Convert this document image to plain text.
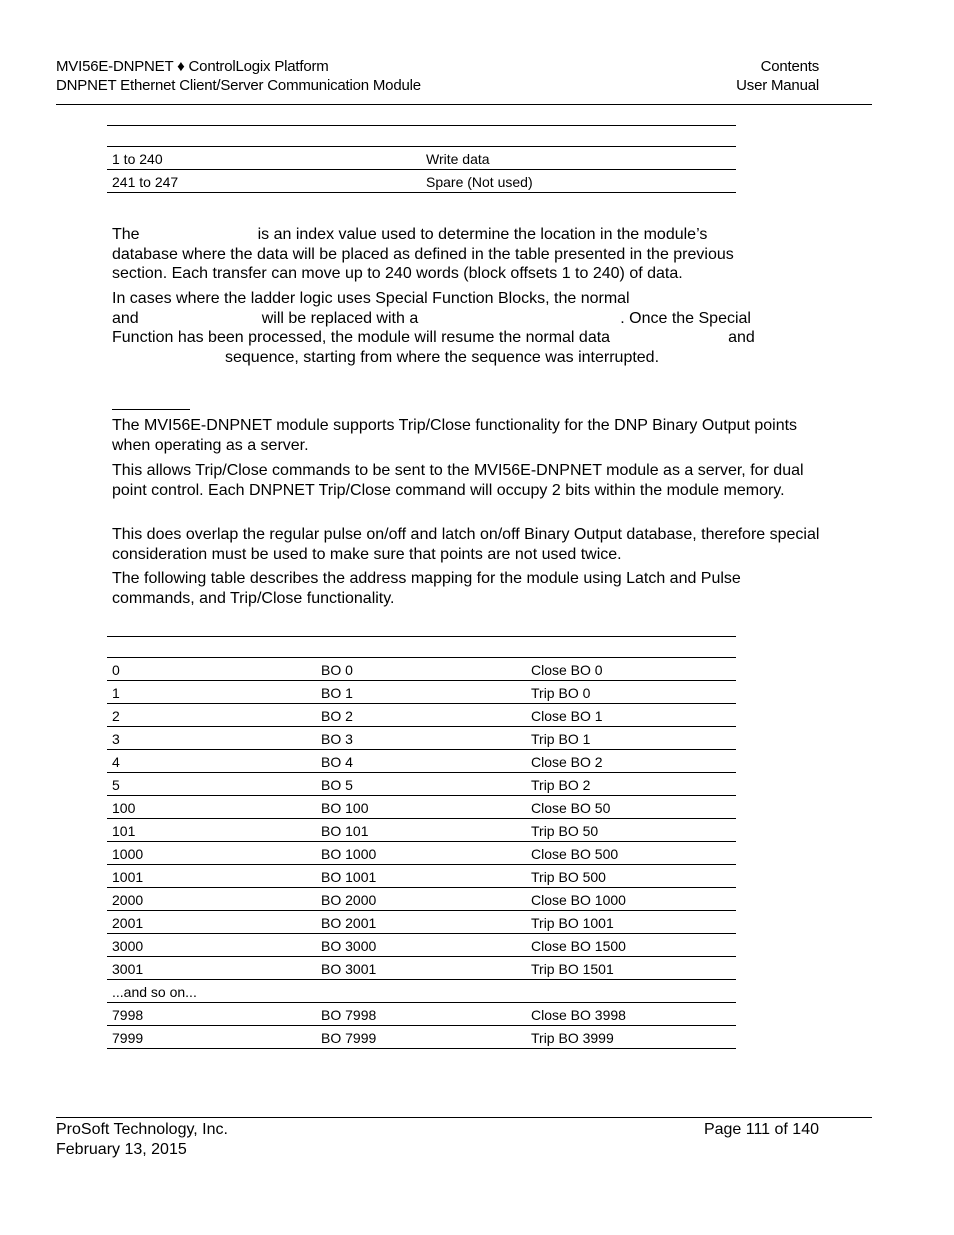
MVI56E-DNPNET ♦ ControlLogix Platform
DNPNET Ethernet Client/Server Communication Module
Contents
User Manual

1 to 240	Write data
241 to 247	Spare (Not used)
The	is an index value used to determine the location in the module’s
database where the data will be placed as defined in the table presented in the previous
section. Each transfer can move up to 240 words (block offsets 1 to 240) of data.
In cases where the ladder logic uses Special Function Blocks, the normal
and	will be replaced with a	. Once the Special
Function has been processed, the module will resume the normal data	and
sequence, starting from where the sequence was interrupted.
The MVI56E-DNPNET module supports Trip/Close functionality for the DNP Binary Output points when operating as a server.
This allows Trip/Close commands to be sent to the MVI56E-DNPNET module as a server, for dual point control. Each DNPNET Trip/Close command will occupy 2 bits within the module memory.
This does overlap the regular pulse on/off and latch on/off Binary Output database, therefore special consideration must be used to make sure that points are not used twice.
The following table describes the address mapping for the module using Latch and Pulse commands, and Trip/Close functionality.

0	BO 0	Close BO 0
1	BO 1	Trip BO 0
2	BO 2	Close BO 1
3	BO 3	Trip BO 1
4	BO 4	Close BO 2
5	BO 5	Trip BO 2
100	BO 100	Close BO 50
101	BO 101	Trip BO 50
1000	BO 1000	Close BO 500
1001	BO 1001	Trip BO 500
2000	BO 2000	Close BO 1000
2001	BO 2001	Trip BO 1001
3000	BO 3000	Close BO 1500
3001	BO 3001	Trip BO 1501
...and so on...		
7998	BO 7998	Close BO 3998
7999	BO 7999	Trip BO 3999
ProSoft Technology, Inc.
February 13, 2015
Page 111 of 140
